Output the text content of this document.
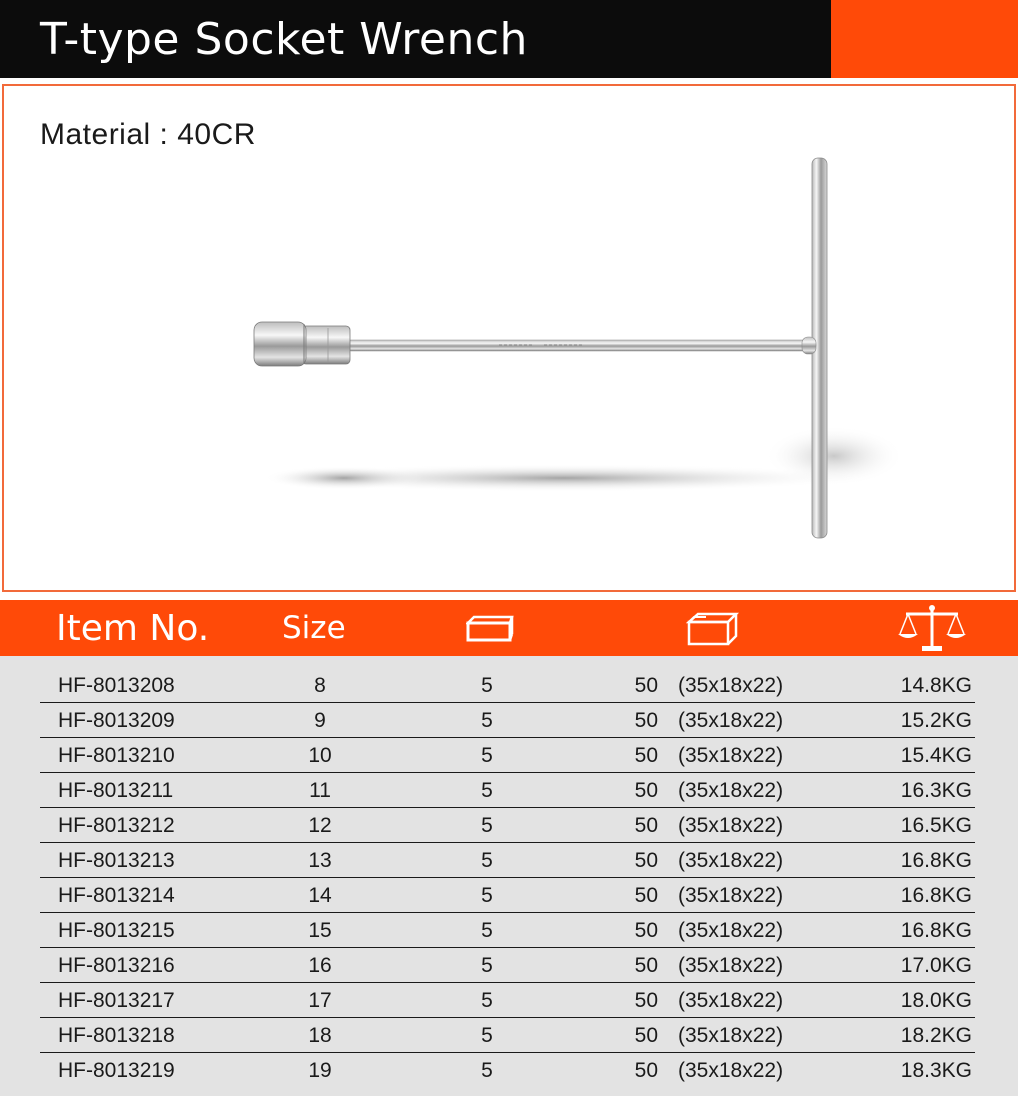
T-type Socket Wrench
Material : 40CR
Item No. Size
HF-8013208	8	5	50 (35x18x22)	14.8KG
HF-8013209	9	5	50 (35x18x22)	15.2KG
HF-8013210	10	5	50 (35x18x22)	15.4KG
HF-8013211	11	5	50 (35x18x22)	16.3KG
HF-8013212	12	5	50 (35x18x22)	16.5KG
HF-8013213	13	5	50 (35x18x22)	16.8KG
HF-8013214	14	5	50 (35x18x22)	16.8KG
HF-8013215	15	5	50 (35x18x22)	16.8KG
HF-8013216	16	5	50 (35x18x22)	17.0KG
HF-8013217	17	5	50 (35x18x22)	18.0KG
HF-8013218	18	5	50 (35x18x22)	18.2KG
HF-8013219	19	5	50 (35x18x22)	18.3KG
